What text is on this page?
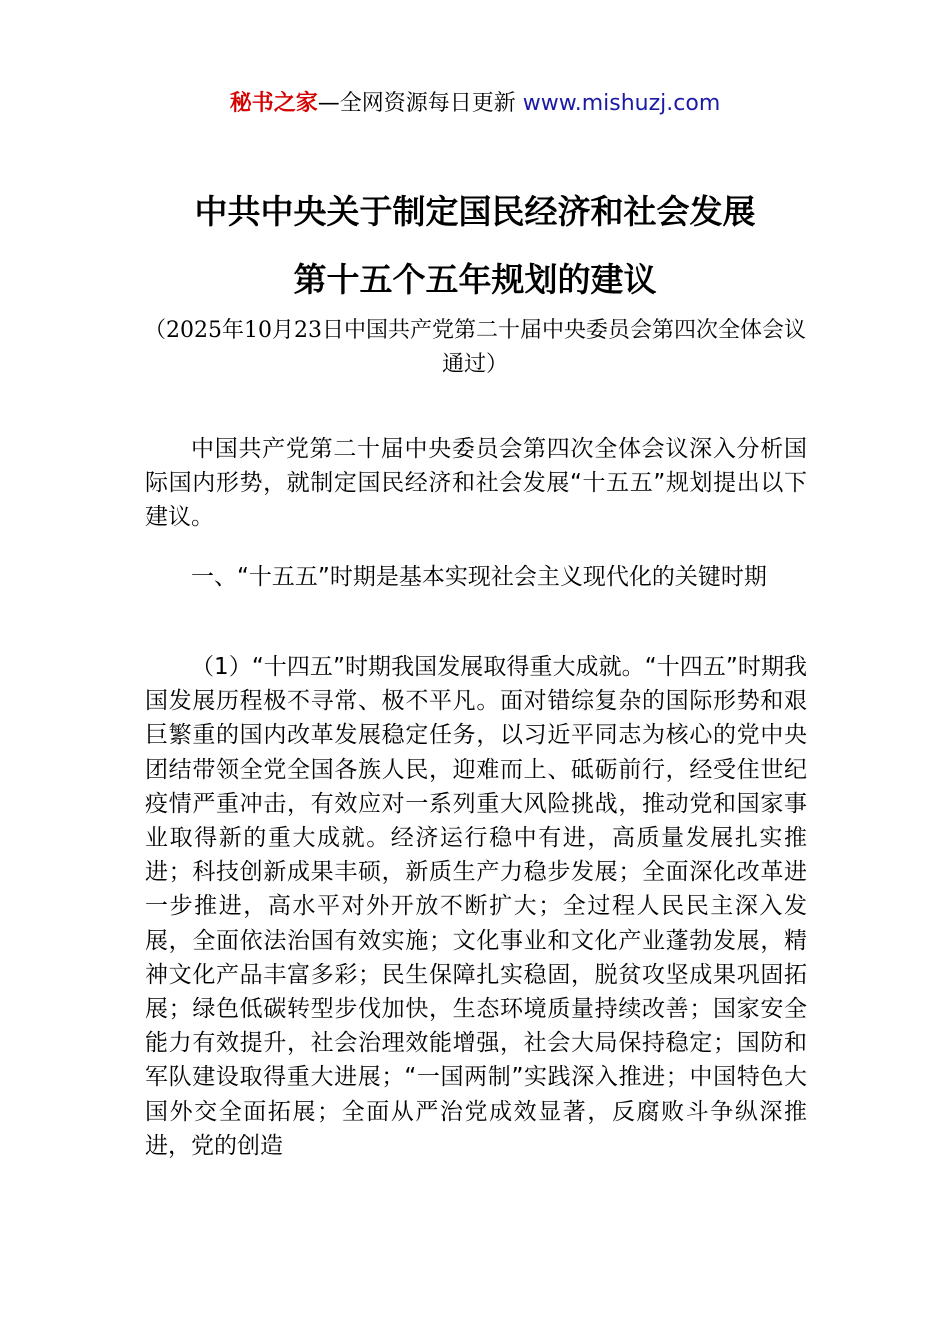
秘书之家—全网资源每日更新 www.mishuzj.com
中共中央关于制定国民经济和社会发展
第十五个五年规划的建议
（2025年10月23日中国共产党第二十届中央委员会第四次全体会议通过）

中国共产党第二十届中央委员会第四次全体会议深入分析国际国内形势，就制定国民经济和社会发展“十五五”规划提出以下建议。

一、“十五五”时期是基本实现社会主义现代化的关键时期

（1）“十四五”时期我国发展取得重大成就。“十四五”时期我国发展历程极不寻常、极不平凡。面对错综复杂的国际形势和艰巨繁重的国内改革发展稳定任务，以习近平同志为核心的党中央团结带领全党全国各族人民，迎难而上、砥砺前行，经受住世纪疫情严重冲击，有效应对一系列重大风险挑战，推动党和国家事业取得新的重大成就。经济运行稳中有进，高质量发展扎实推进；科技创新成果丰硕，新质生产力稳步发展；全面深化改革进一步推进，高水平对外开放不断扩大；全过程人民民主深入发展，全面依法治国有效实施；文化事业和文化产业蓬勃发展，精神文化产品丰富多彩；民生保障扎实稳固，脱贫攻坚成果巩固拓展；绿色低碳转型步伐加快，生态环境质量持续改善；国家安全能力有效提升，社会治理效能增强，社会大局保持稳定；国防和军队建设取得重大进展；“一国两制”实践深入推进；中国特色大国外交全面拓展；全面从严治党成效显著，反腐败斗争纵深推进，党的创造
